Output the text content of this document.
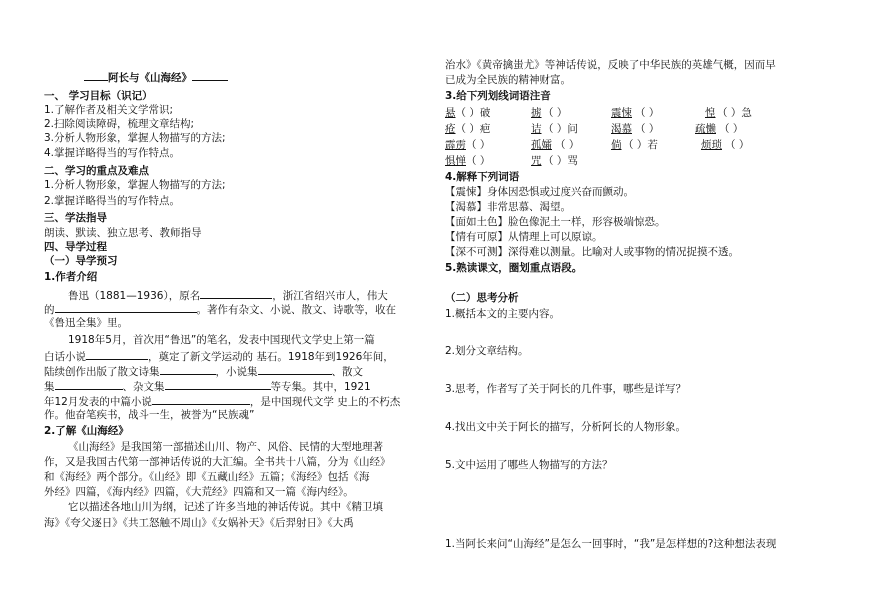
阿长与《山海经》
一、 学习目标（识记）
1.了解作者及相关文学常识;
2.扫除阅读障碍，梳理文章结构;
3.分析人物形象，掌握人物描写的方法;
4.掌握详略得当的写作特点。
二、学习的重点及难点
1.分析人物形象，掌握人物描写的方法;
2.掌握详略得当的写作特点。
三、学法指导
朗读、默读、独立思考、教师指导
四、导学过程
（一）导学预习
1.作者介绍
鲁迅（1881—1936），原名	，浙江省绍兴市人，伟大
的	。著作有杂文、小说、散文、诗歌等，收在
《鲁迅全集》里。
1918年5月，首次用“鲁迅”的笔名，发表中国现代文学史上第一篇
白话小说	，奠定了新文学运动的 基石。1918年到1926年间，
陆续创作出版了散文诗集	，小说集	、散文
集	、杂文集	等专集。其中，1921
年12月发表的中篇小说	，是中国现代文学 史上的不朽杰
作。他奋笔疾书，战斗一生，被誉为“民族魂”
2.了解《山海经》
《山海经》是我国第一部描述山川、物产、风俗、民情的大型地理著
作，又是我国古代第一部神话传说的大汇编。全书共十八篇，分为《山经》
和《海经》两个部分。《山经》即《五藏山经》五篇；《海经》包括《海
外经》四篇，《海内经》四篇，《大荒经》四篇和又一篇《海内经》。
它以描述各地山川为纲，记述了许多当地的神话传说。其中《精卫填
海》《夸父逐日》《共工怒触不周山》《女娲补天》《后羿射日》《大禹
治水》《黄帝擒蚩尤》等神话传说，反映了中华民族的英雄气概，因而早
已成为全民族的精神财富。
3.给下列划线词语注音
悬（ ）破	掳 （ ）	震悚 （ ）	惶 （ ）急
疮（ ）疤	诘 （ ）问	渴慕 （ ）	疏懒 （ ）
霹雳（ ）	孤孀 （ ）	倘 （ ）若	烦琐 （ ）
惧惮（ ）	咒 （ ）骂
4.解释下列词语
【震悚】身体因恐惧或过度兴奋而颤动。
【渴慕】非常思慕、渴望。
【面如土色】脸色像泥土一样，形容极端惊恐。
【情有可原】从情理上可以原谅。
【深不可测】深得难以测量。比喻对人或事物的情况捉摸不透。
5.熟读课文，圈划重点语段。
（二）思考分析
1.概括本文的主要内容。
2.划分文章结构。
3.思考，作者写了关于阿长的几件事，哪些是详写？
4.找出文中关于阿长的描写，分析阿长的人物形象。
5.文中运用了哪些人物描写的方法？
1.当阿长来问“山海经”是怎么一回事时，“我”是怎样想的?这种想法表现
